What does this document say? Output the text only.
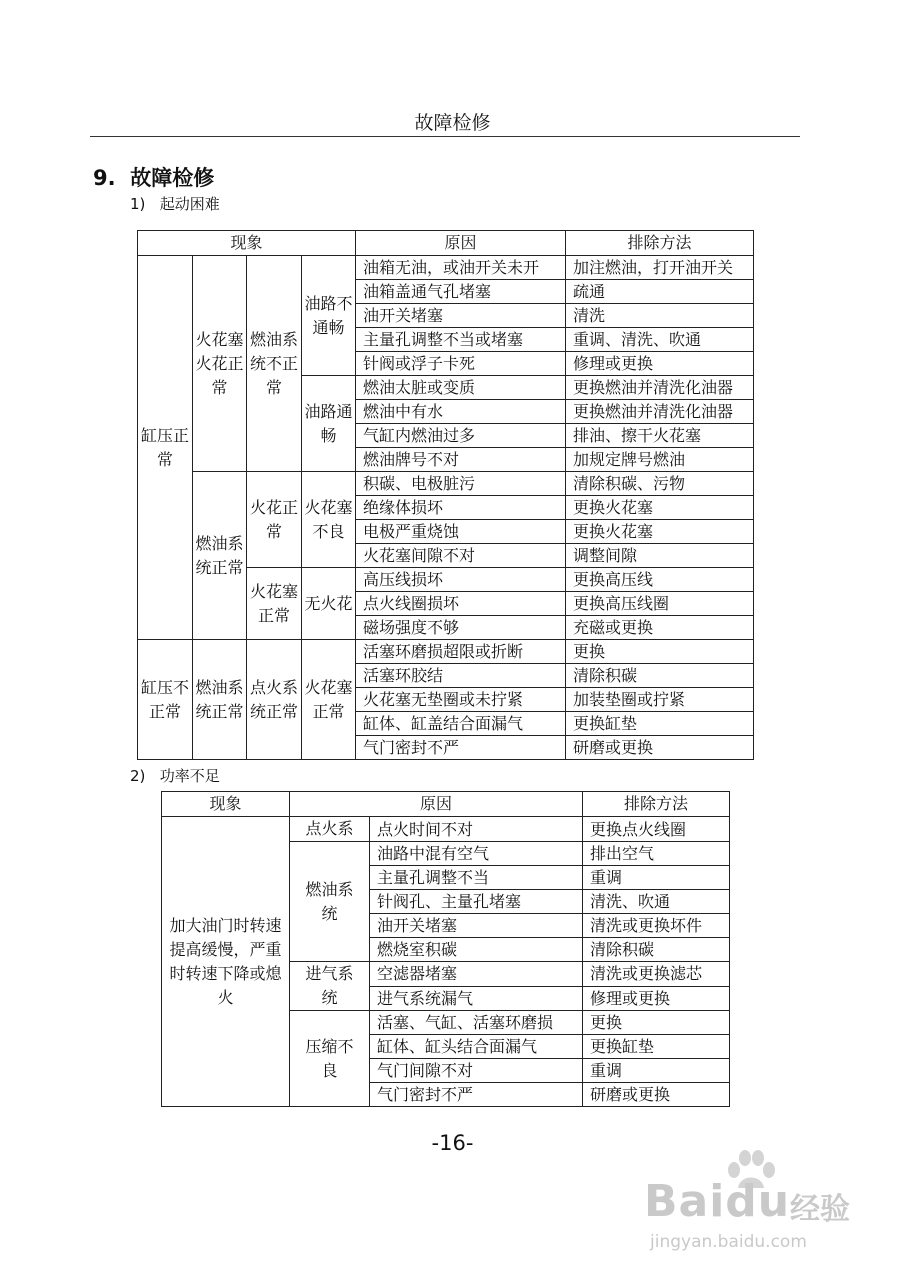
故障检修
9.  故障检修
1)   起动困难
现象				原因	排除方法
缸压正常	火花塞火花正常	燃油系统不正常	油路不通畅	油箱无油，或油开关未开	加注燃油，打开油开关
				油箱盖通气孔堵塞	疏通
				油开关堵塞	清洗
				主量孔调整不当或堵塞	重调、清洗、吹通
				针阀或浮子卡死	修理或更换
			油路通畅	燃油太脏或变质	更换燃油并清洗化油器
				燃油中有水	更换燃油并清洗化油器
				气缸内燃油过多	排油、擦干火花塞
				燃油牌号不对	加规定牌号燃油
	燃油系统正常	火花正常	火花塞不良	积碳、电极脏污	清除积碳、污物
				绝缘体损坏	更换火花塞
				电极严重烧蚀	更换火花塞
				火花塞间隙不对	调整间隙
		火花塞正常	无火花	高压线损坏	更换高压线
				点火线圈损坏	更换高压线圈
				磁场强度不够	充磁或更换
缸压不正常	燃油系统正常	点火系统正常	火花塞正常	活塞环磨损超限或折断	更换
				活塞环胶结	清除积碳
				火花塞无垫圈或未拧紧	加装垫圈或拧紧
				缸体、缸盖结合面漏气	更换缸垫
				气门密封不严	研磨或更换
2)   功率不足
现象	原因		排除方法
加大油门时转速提高缓慢，严重时转速下降或熄火	点火系	点火时间不对	更换点火线圈
	燃油系统	油路中混有空气	排出空气
		主量孔调整不当	重调
		针阀孔、主量孔堵塞	清洗、吹通
		油开关堵塞	清洗或更换坏件
		燃烧室积碳	清除积碳
	进气系统	空滤器堵塞	清洗或更换滤芯
		进气系统漏气	修理或更换
	压缩不良	活塞、气缸、活塞环磨损	更换
		缸体、缸头结合面漏气	更换缸垫
		气门间隙不对	重调
		气门密封不严	研磨或更换
-16-
Baidu 经验
jingyan.baidu.com
